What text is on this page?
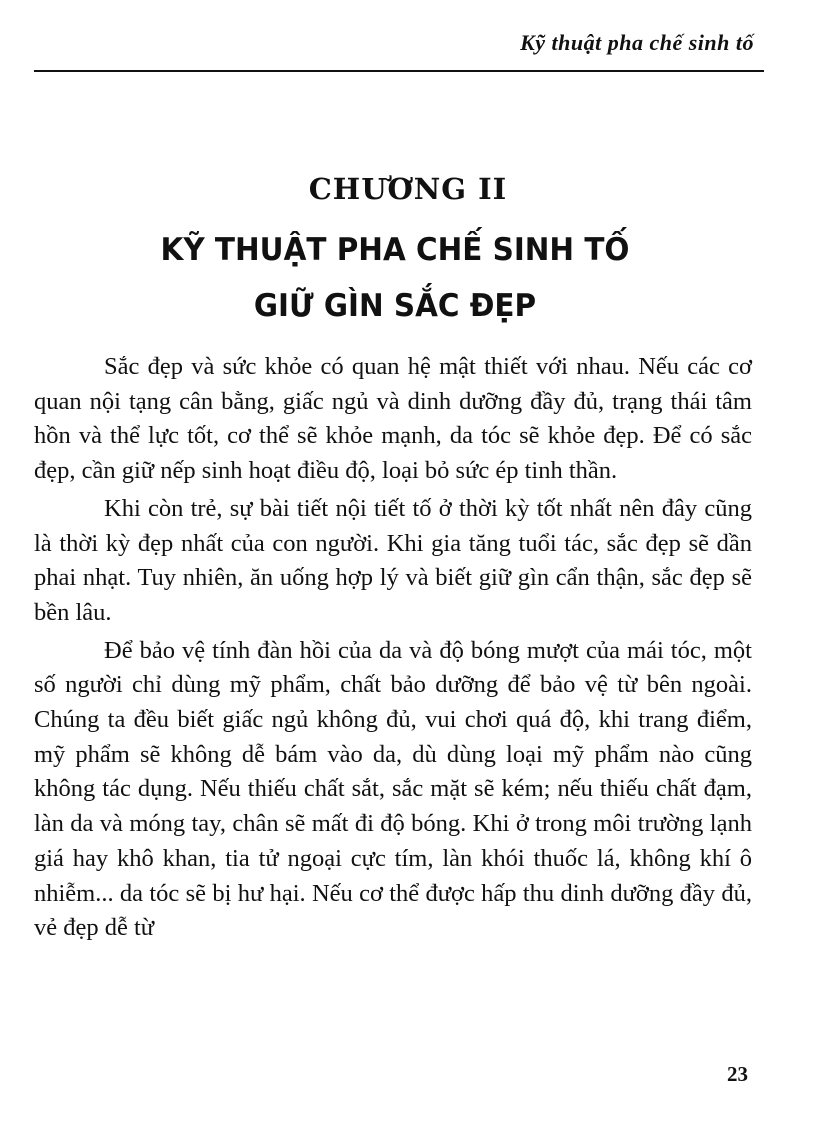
Kỹ thuật pha chế sinh tố
CHƯƠNG II
KỸ THUẬT PHA CHẾ SINH TỐ
GIỮ GÌN SẮC ĐẸP

Sắc đẹp và sức khỏe có quan hệ mật thiết với nhau. Nếu các cơ quan nội tạng cân bằng, giấc ngủ và dinh dưỡng đầy đủ, trạng thái tâm hồn và thể lực tốt, cơ thể sẽ khỏe mạnh, da tóc sẽ khỏe đẹp. Để có sắc đẹp, cần giữ nếp sinh hoạt điều độ, loại bỏ sức ép tinh thần.

Khi còn trẻ, sự bài tiết nội tiết tố ở thời kỳ tốt nhất nên đây cũng là thời kỳ đẹp nhất của con người. Khi gia tăng tuổi tác, sắc đẹp sẽ dần phai nhạt. Tuy nhiên, ăn uống hợp lý và biết giữ gìn cẩn thận, sắc đẹp sẽ bền lâu.

Để bảo vệ tính đàn hồi của da và độ bóng mượt của mái tóc, một số người chỉ dùng mỹ phẩm, chất bảo dưỡng để bảo vệ từ bên ngoài. Chúng ta đều biết giấc ngủ không đủ, vui chơi quá độ, khi trang điểm, mỹ phẩm sẽ không dễ bám vào da, dù dùng loại mỹ phẩm nào cũng không tác dụng. Nếu thiếu chất sắt, sắc mặt sẽ kém; nếu thiếu chất đạm, làn da và móng tay, chân sẽ mất đi độ bóng. Khi ở trong môi trường lạnh giá hay khô khan, tia tử ngoại cực tím, làn khói thuốc lá, không khí ô nhiễm... da tóc sẽ bị hư hại. Nếu cơ thể được hấp thu dinh dưỡng đầy đủ, vẻ đẹp dễ từ

23
